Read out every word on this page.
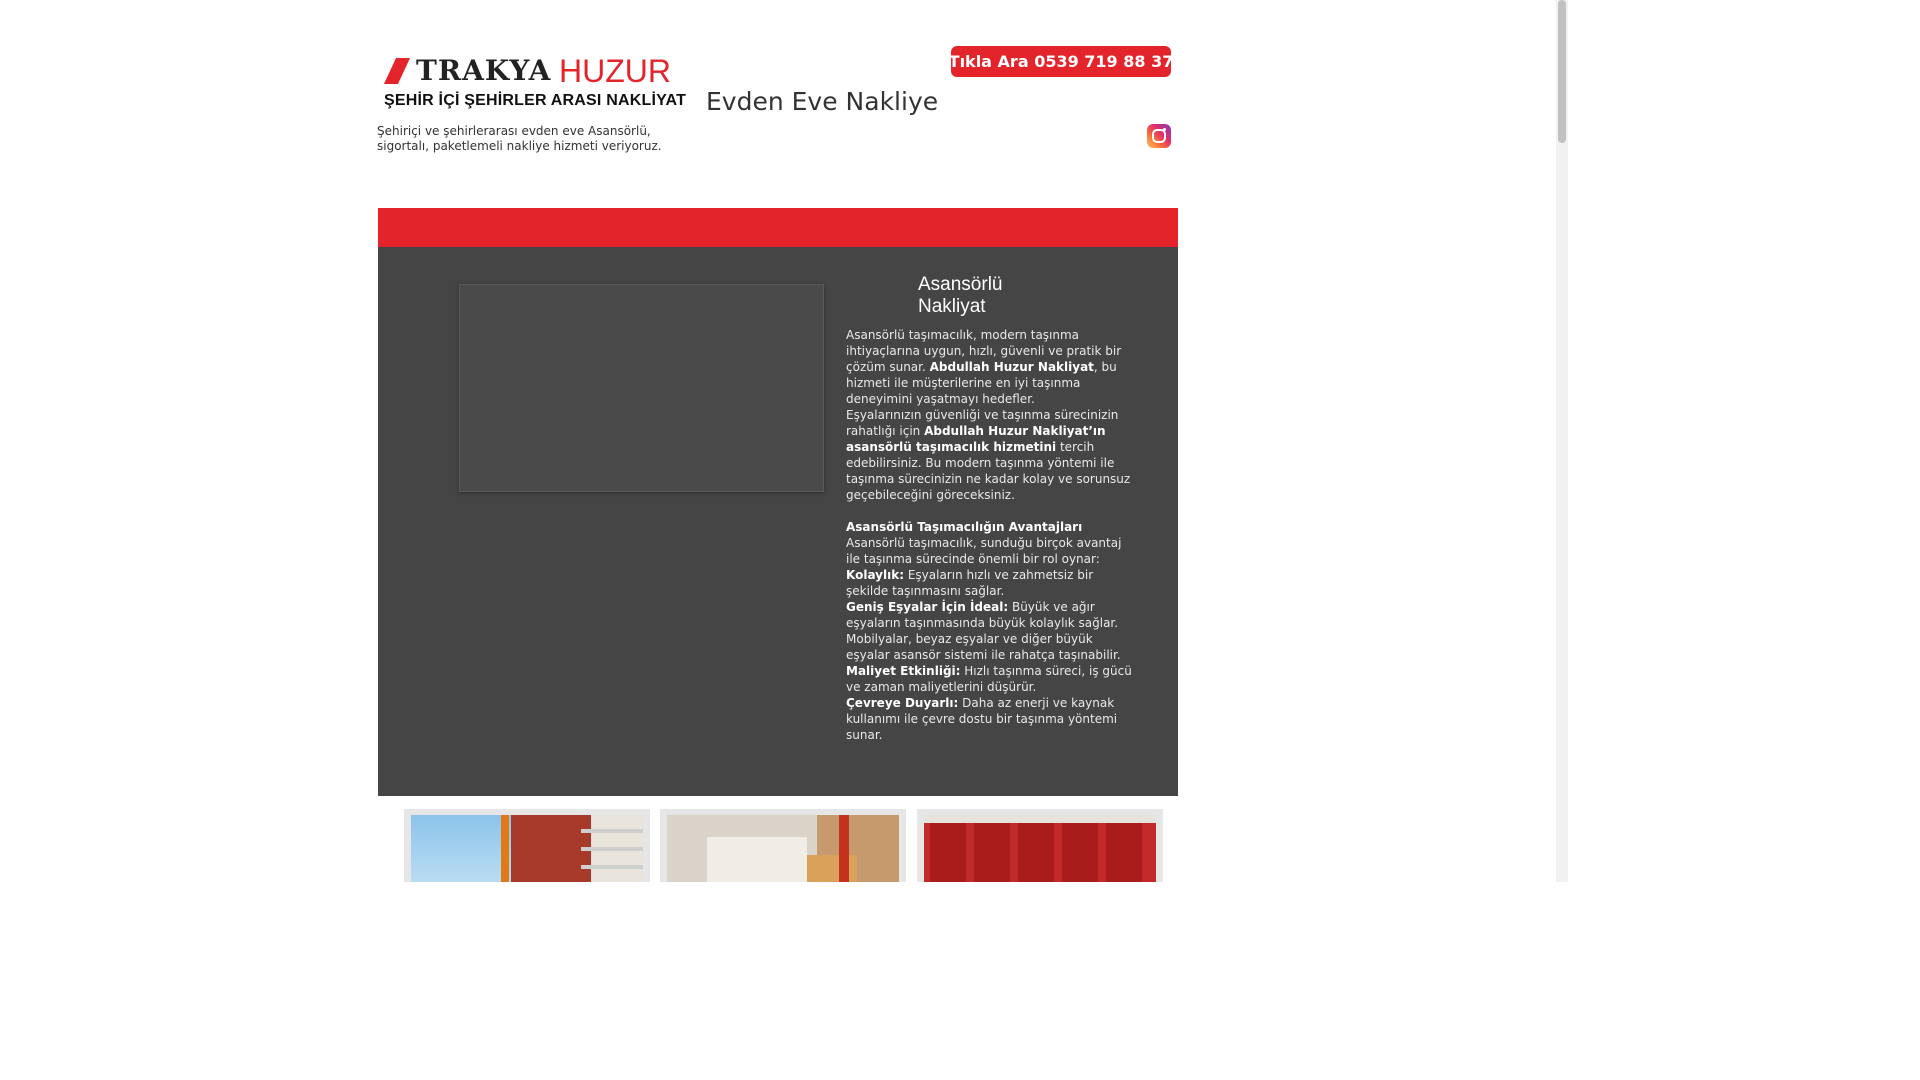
TRAKYA HUZUR
ŞEHİR İÇİ ŞEHİRLER ARASI NAKLİYAT Evden Eve Nakliye
Tıkla Ara 0539 719 88 37
Şehiriçi ve şehirlerarası evden eve Asansörlü, sigortalı, paketlemeli nakliye hizmeti veriyoruz.
Asansörlü Nakliyat

Asansörlü taşımacılık, modern taşınma ihtiyaçlarına uygun, hızlı, güvenli ve pratik bir çözüm sunar. Abdullah Huzur Nakliyat, bu hizmeti ile müşterilerine en iyi taşınma deneyimini yaşatmayı hedefler.

Eşyalarınızın güvenliği ve taşınma sürecinizin rahatlığı için Abdullah Huzur Nakliyat’ın asansörlü taşımacılık hizmetini tercih edebilirsiniz. Bu modern taşınma yöntemi ile taşınma sürecinizin ne kadar kolay ve sorunsuz geçebileceğini göreceksiniz.

Asansörlü Taşımacılığın Avantajları

Asansörlü taşımacılık, sunduğu birçok avantaj ile taşınma sürecinde önemli bir rol oynar:

Kolaylık: Eşyaların hızlı ve zahmetsiz bir şekilde taşınmasını sağlar.

Geniş Eşyalar İçin İdeal: Büyük ve ağır eşyaların taşınmasında büyük kolaylık sağlar. Mobilyalar, beyaz eşyalar ve diğer büyük eşyalar asansör sistemi ile rahatça taşınabilir.

Maliyet Etkinliği: Hızlı taşınma süreci, iş gücü ve zaman maliyetlerini düşürür.

Çevreye Duyarlı: Daha az enerji ve kaynak kullanımı ile çevre dostu bir taşınma yöntemi sunar.
